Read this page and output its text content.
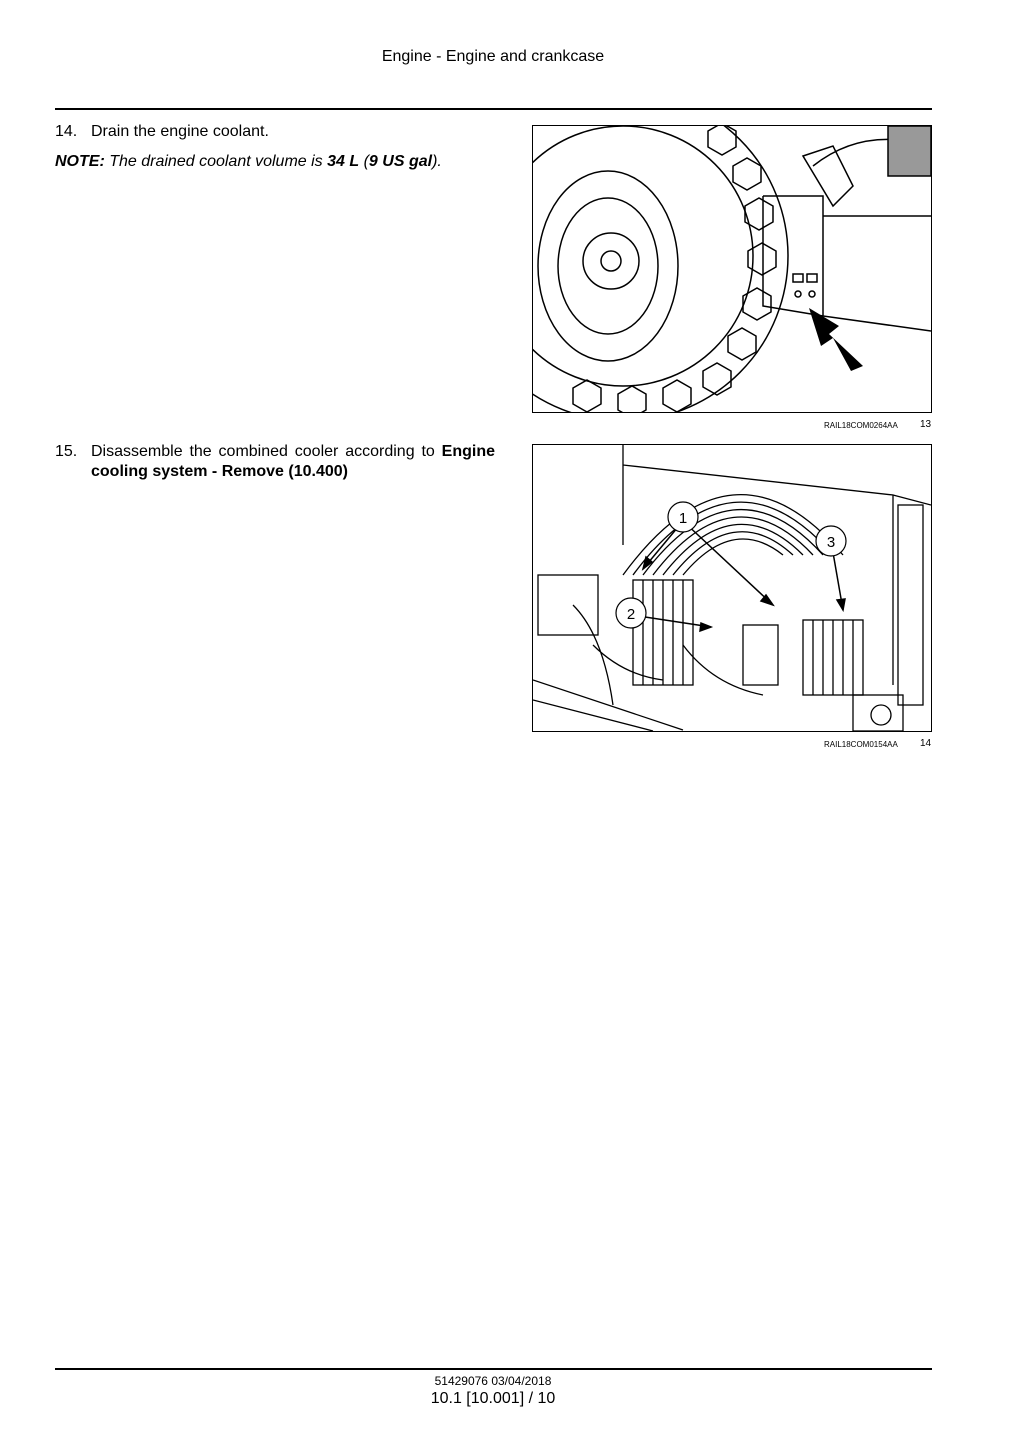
Engine - Engine and crankcase
14. Drain the engine coolant.
NOTE: The drained coolant volume is 34 L (9 US gal).
RAIL18COM0264AA 13
15. Disassemble the combined cooler according to Engine cooling system - Remove (10.400)
1
2
3
RAIL18COM0154AA 14
51429076 03/04/2018
10.1 [10.001] / 10
